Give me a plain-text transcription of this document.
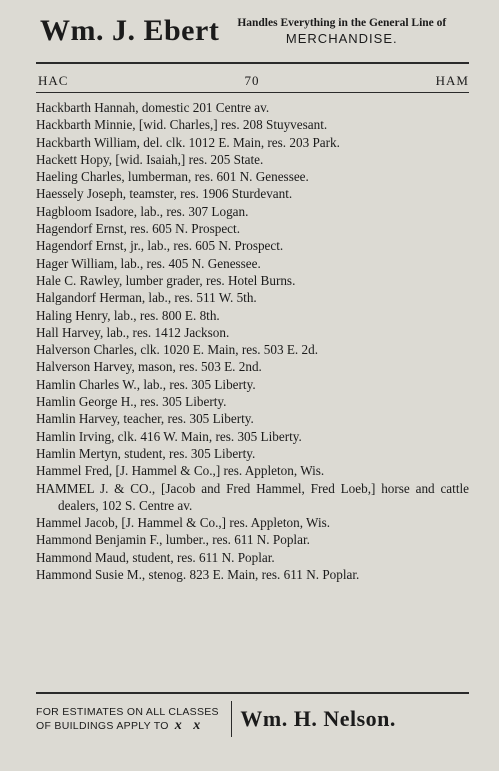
Wm. J. Ebert Handles Everything in the General Line of
MERCHANDISE.
HAC	70	HAM
Hackbarth Hannah, domestic 201 Centre av.
Hackbarth Minnie, [wid. Charles,] res. 208 Stuyvesant.
Hackbarth William, del. clk. 1012 E. Main, res. 203 Park.
Hackett Hopy, [wid. Isaiah,] res. 205 State.
Haeling Charles, lumberman, res. 601 N. Genessee.
Haessely Joseph, teamster, res. 1906 Sturdevant.
Hagbloom Isadore, lab., res. 307 Logan.
Hagendorf Ernst, res. 605 N. Prospect.
Hagendorf Ernst, jr., lab., res. 605 N. Prospect.
Hager William, lab., res. 405 N. Genessee.
Hale C. Rawley, lumber grader, res. Hotel Burns.
Halgandorf Herman, lab., res. 511 W. 5th.
Haling Henry, lab., res. 800 E. 8th.
Hall Harvey, lab., res. 1412 Jackson.
Halverson Charles, clk. 1020 E. Main, res. 503 E. 2d.
Halverson Harvey, mason, res. 503 E. 2nd.
Hamlin Charles W., lab., res. 305 Liberty.
Hamlin George H., res. 305 Liberty.
Hamlin Harvey, teacher, res. 305 Liberty.
Hamlin Irving, clk. 416 W. Main, res. 305 Liberty.
Hamlin Mertyn, student, res. 305 Liberty.
Hammel Fred, [J. Hammel & Co.,] res. Appleton, Wis.
HAMMEL J. & CO., [Jacob and Fred Hammel, Fred Loeb,] horse and cattle dealers, 102 S. Centre av.
Hammel Jacob, [J. Hammel & Co.,] res. Appleton, Wis.
Hammond Benjamin F., lumber., res. 611 N. Poplar.
Hammond Maud, student, res. 611 N. Poplar.
Hammond Susie M., stenog. 823 E. Main, res. 611 N. Poplar.
FOR ESTIMATES ON ALL CLASSES
OF BUILDINGS APPLY TO x x	Wm. H. Nelson.
